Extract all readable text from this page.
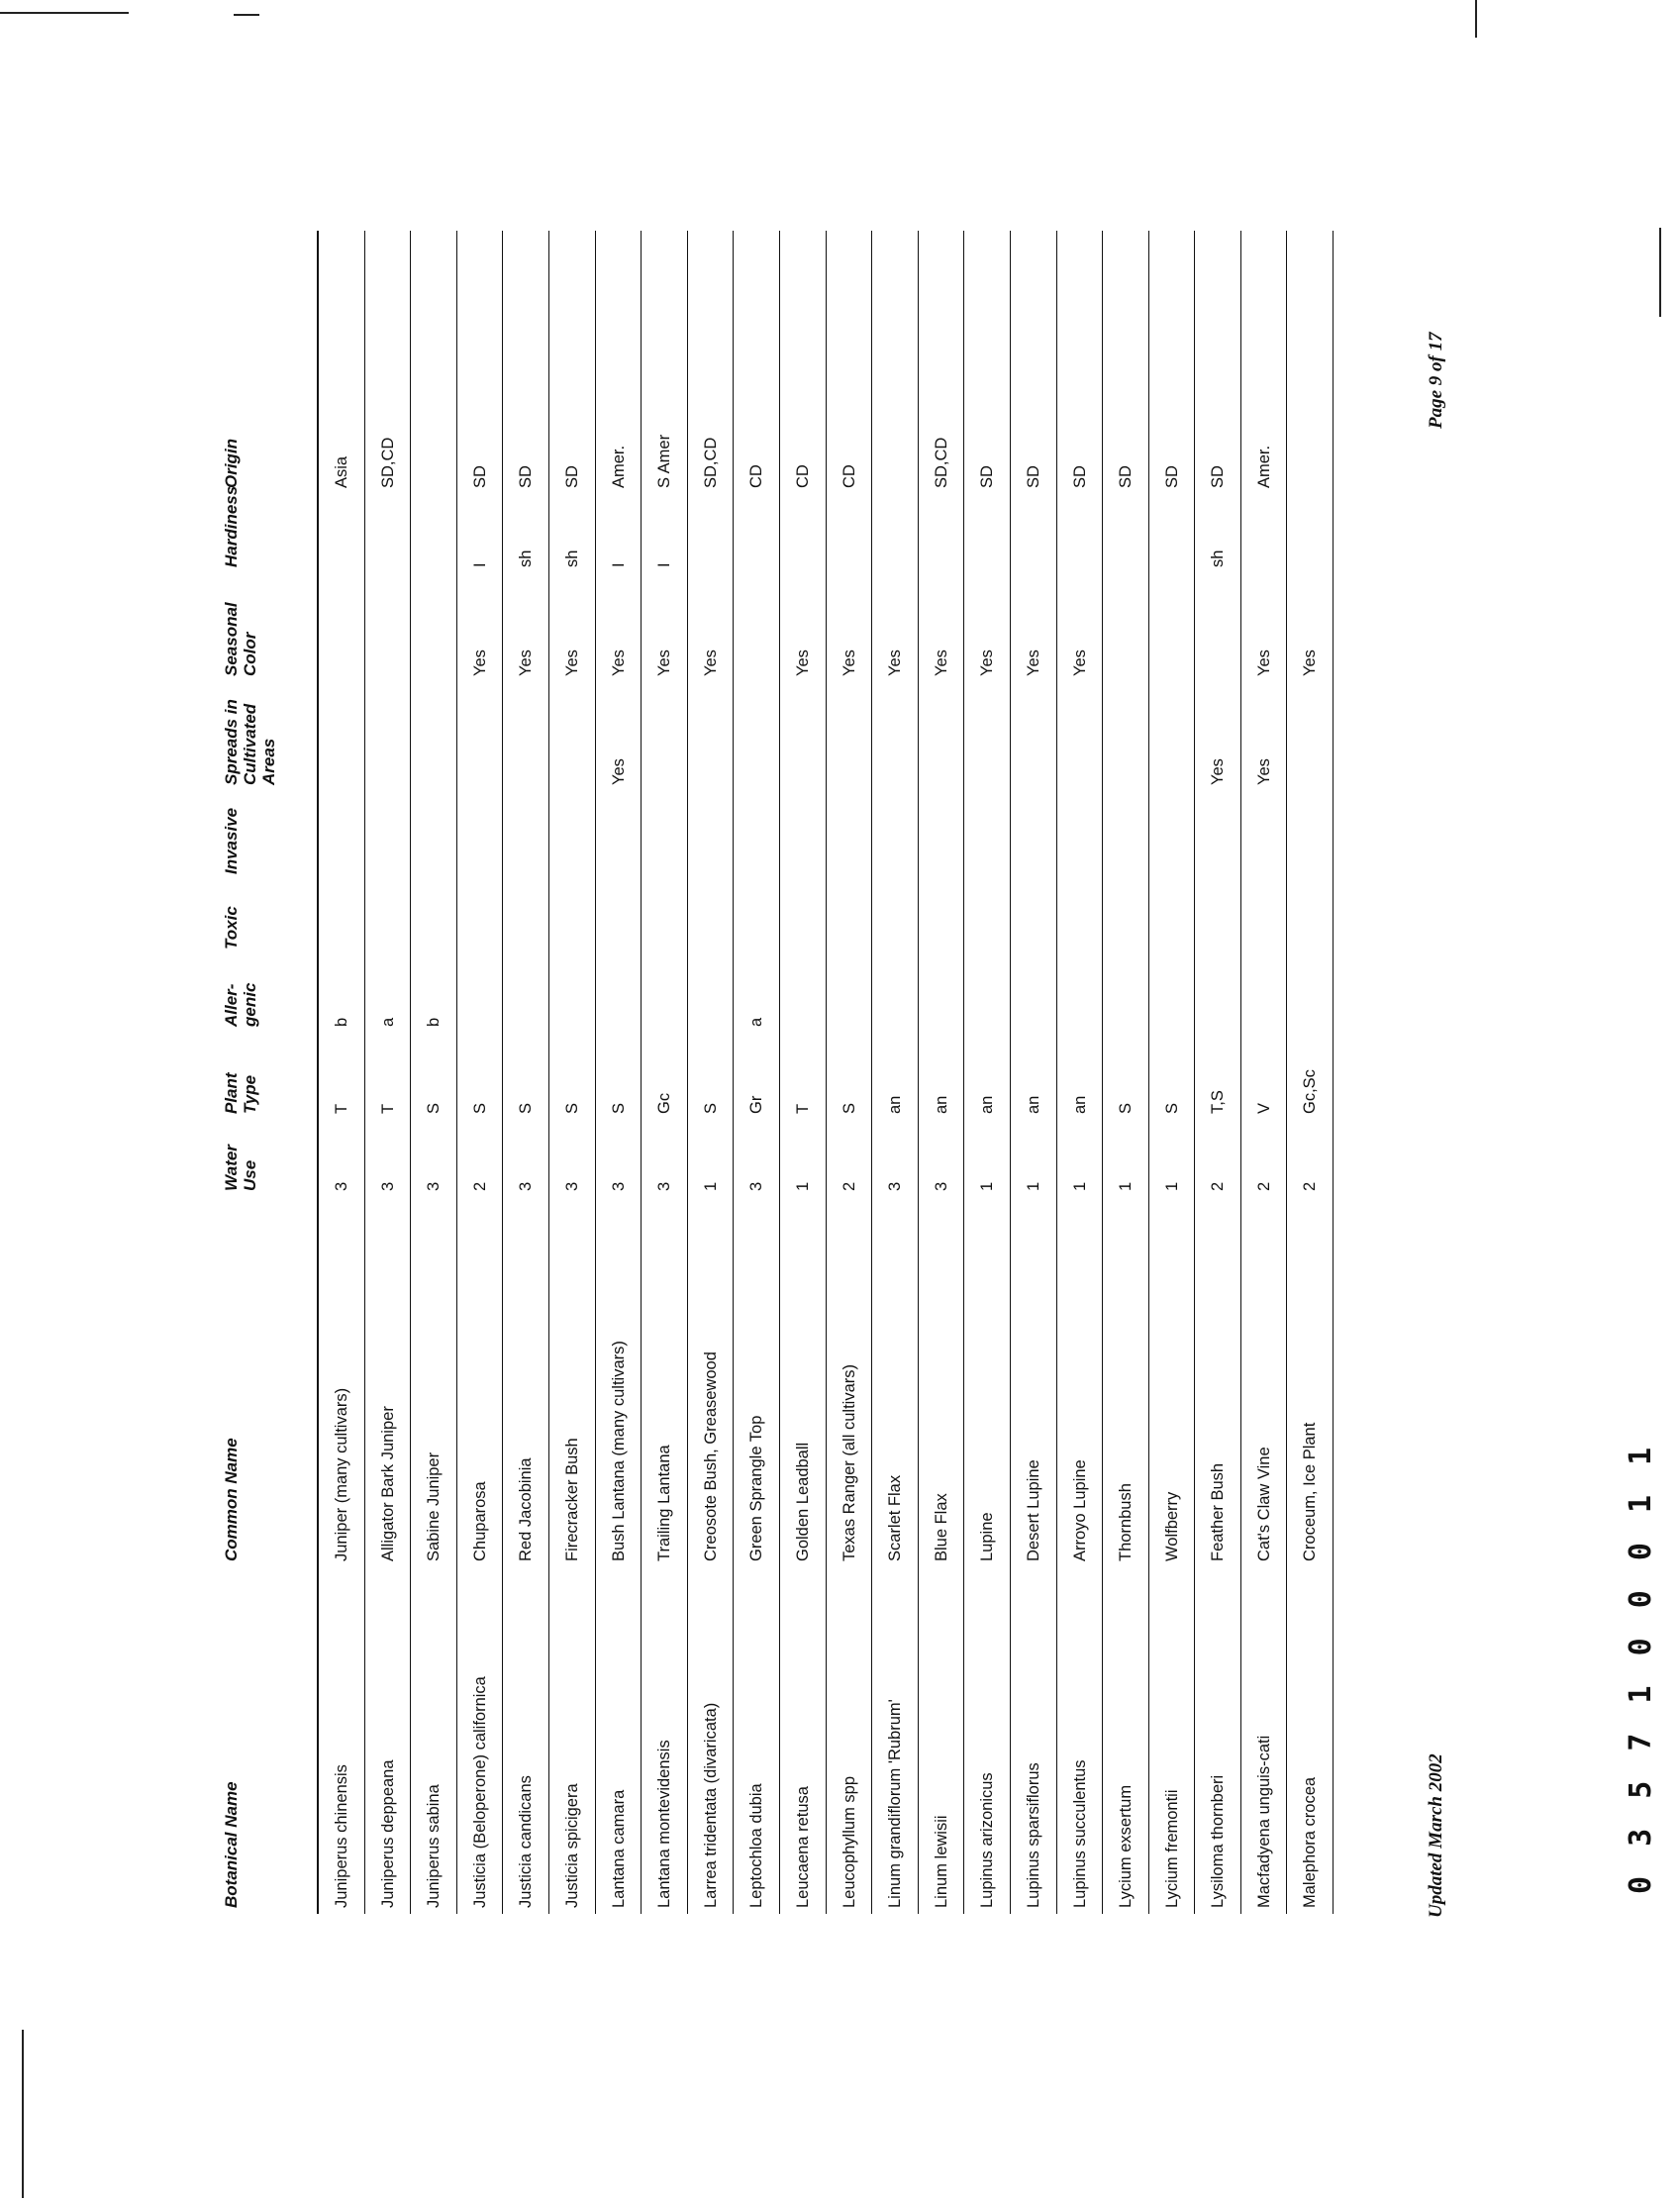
Botanical Name
Common Name
Water Use
Plant Type
Aller- genic
Toxic
Invasive
Spreads in Cultivated Areas
Seasonal Color
Hardiness
Origin
Juniperus chinensis
Juniper (many cultivars)
3
T
b
Asia
Juniperus deppeana
Alligator Bark Juniper
3
T
a
SD,CD
Juniperus sabina
Sabine Juniper
3
S
b
Justicia (Beloperone) californica
Chuparosa
2
S
Yes
I
SD
Justicia candicans
Red Jacobinia
3
S
Yes
sh
SD
Justicia spicigera
Firecracker Bush
3
S
Yes
sh
SD
Lantana camara
Bush Lantana (many cultivars)
3
S
Yes
Yes
I
Amer.
Lantana montevidensis
Trailing Lantana
3
Gc
Yes
I
S Amer
Larrea tridentata (divaricata)
Creosote Bush, Greasewood
1
S
Yes
SD,CD
Leptochloa dubia
Green Sprangle Top
3
Gr
a
CD
Leucaena retusa
Golden Leadball
1
T
Yes
CD
Leucophyllum spp
Texas Ranger (all cultivars)
2
S
Yes
CD
Linum grandiflorum 'Rubrum'
Scarlet Flax
3
an
Yes
Linum lewisii
Blue Flax
3
an
Yes
SD,CD
Lupinus arizonicus
Lupine
1
an
Yes
SD
Lupinus sparsiflorus
Desert Lupine
1
an
Yes
SD
Lupinus succulentus
Arroyo Lupine
1
an
Yes
SD
Lycium exsertum
Thornbush
1
S
SD
Lycium fremontii
Wolfberry
1
S
SD
Lysiloma thornberi
Feather Bush
2
T,S
Yes
sh
SD
Macfadyena unguis-cati
Cat's Claw Vine
2
V
Yes
Yes
Amer.
Malephora crocea
Croceum, Ice Plant
2
Gc,Sc
Yes
Updated March 2002
Page 9 of 17
0 3 5 7 1 0 0 0 1 1
